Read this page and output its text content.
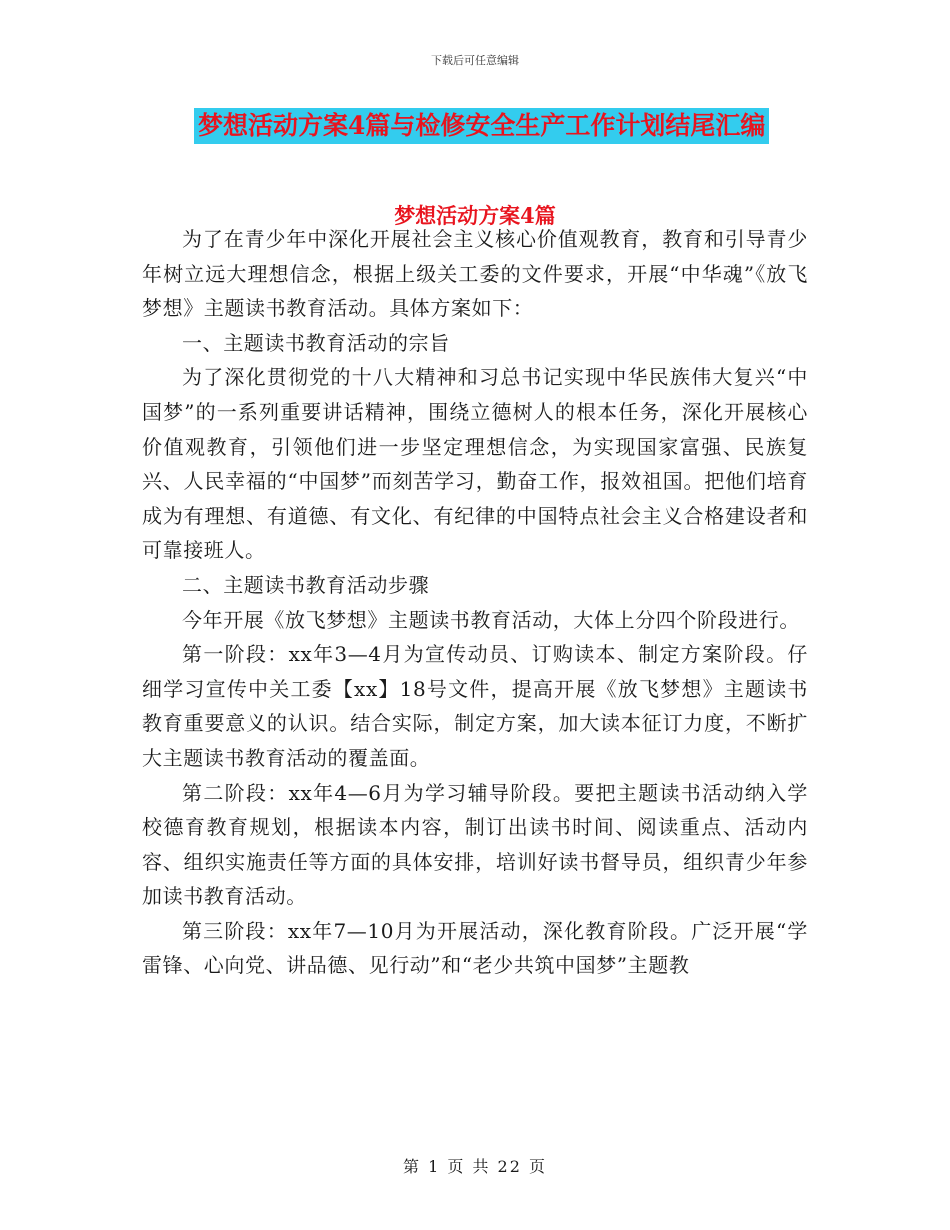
下载后可任意编辑
梦想活动方案4篇与检修安全生产工作计划结尾汇编
梦想活动方案4篇

为了在青少年中深化开展社会主义核心价值观教育，教育和引导青少年树立远大理想信念，根据上级关工委的文件要求，开展“中华魂”《放飞梦想》主题读书教育活动。具体方案如下：

一、主题读书教育活动的宗旨

为了深化贯彻党的十八大精神和习总书记实现中华民族伟大复兴“中国梦”的一系列重要讲话精神，围绕立德树人的根本任务，深化开展核心价值观教育，引领他们进一步坚定理想信念，为实现国家富强、民族复兴、人民幸福的“中国梦”而刻苦学习，勤奋工作，报效祖国。把他们培育成为有理想、有道德、有文化、有纪律的中国特点社会主义合格建设者和可靠接班人。

二、主题读书教育活动步骤

今年开展《放飞梦想》主题读书教育活动，大体上分四个阶段进行。

第一阶段：xx年3—4月为宣传动员、订购读本、制定方案阶段。仔细学习宣传中关工委【xx】18号文件，提高开展《放飞梦想》主题读书教育重要意义的认识。结合实际，制定方案，加大读本征订力度，不断扩大主题读书教育活动的覆盖面。

第二阶段：xx年4—6月为学习辅导阶段。要把主题读书活动纳入学校德育教育规划，根据读本内容，制订出读书时间、阅读重点、活动内容、组织实施责任等方面的具体安排，培训好读书督导员，组织青少年参加读书教育活动。

第三阶段：xx年7—10月为开展活动，深化教育阶段。广泛开展“学雷锋、心向党、讲品德、见行动”和“老少共筑中国梦”主题教

第 1 页 共 22 页
